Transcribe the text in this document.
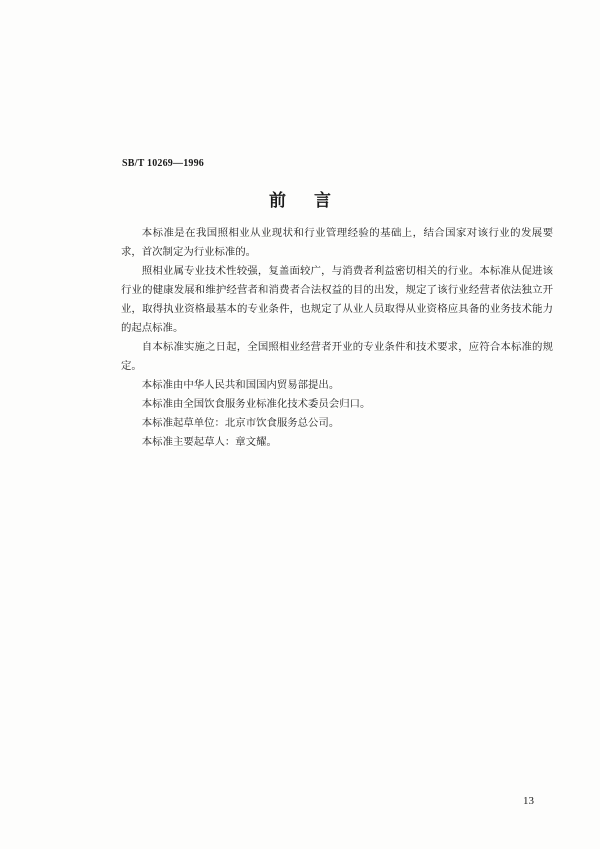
SB/T 10269—1996
前言

本标准是在我国照相业从业现状和行业管理经验的基础上，结合国家对该行业的发展要求，首次制定为行业标准的。

照相业属专业技术性较强，复盖面较广，与消费者利益密切相关的行业。本标准从促进该行业的健康发展和维护经营者和消费者合法权益的目的出发，规定了该行业经营者依法独立开业，取得执业资格最基本的专业条件，也规定了从业人员取得从业资格应具备的业务技术能力的起点标准。

自本标准实施之日起，全国照相业经营者开业的专业条件和技术要求，应符合本标准的规定。

本标准由中华人民共和国国内贸易部提出。

本标准由全国饮食服务业标准化技术委员会归口。

本标准起草单位：北京市饮食服务总公司。

本标准主要起草人：章文耀。

13
